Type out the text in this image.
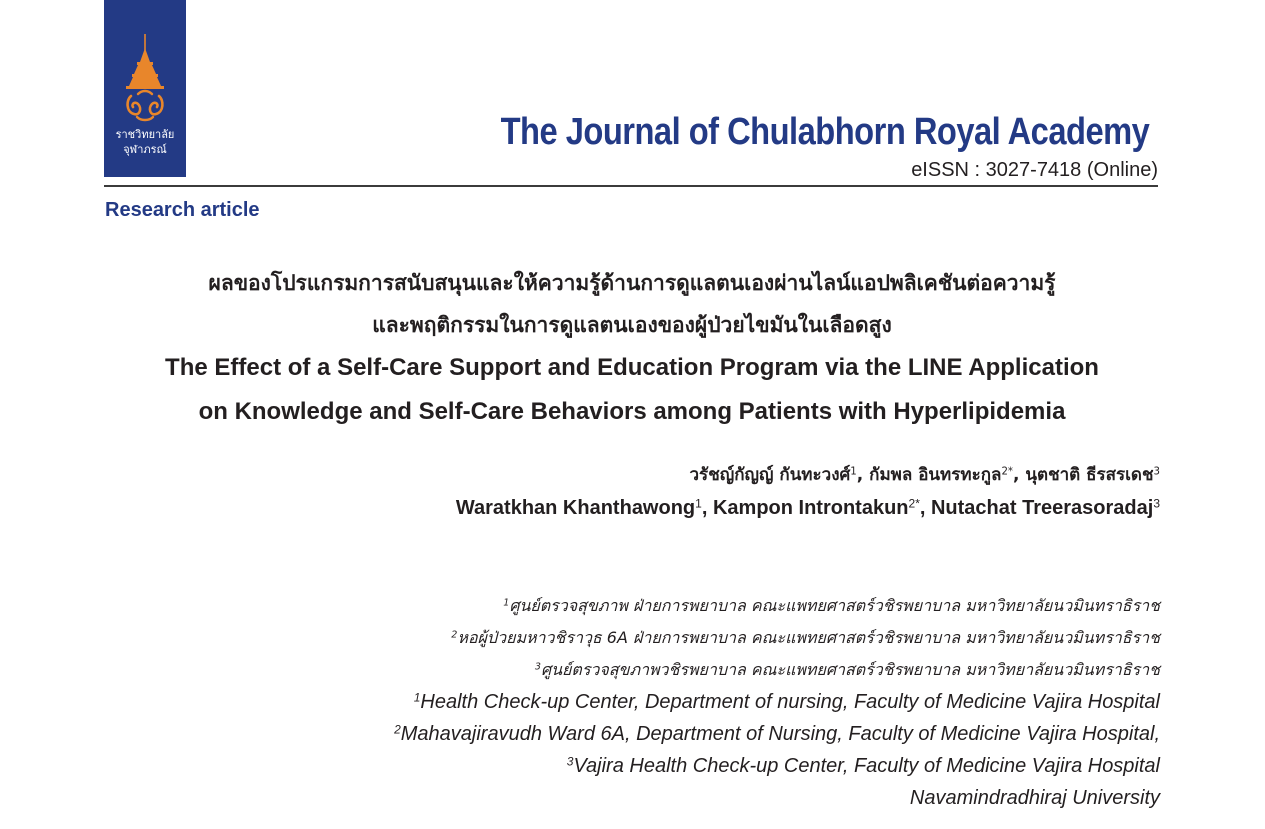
ราชวิทยาลัย
จุฬาภรณ์	The Journal of Chulabhorn Royal Academy
eISSN : 3027-7418 (Online)
Research article
ผลของโปรแกรมการสนับสนุนและให้ความรู้ด้านการดูแลตนเองผ่านไลน์แอปพลิเคชันต่อความรู้
และพฤติกรรมในการดูแลตนเองของผู้ป่วยไขมันในเลือดสูง
The Effect of a Self-Care Support and Education Program via the LINE Application
on Knowledge and Self-Care Behaviors among Patients with Hyperlipidemia
วรัชญ์กัญญ์ กันทะวงศ์$^1$, กัมพล อินทรทะกูล$^{2*}$, นุตชาติ ธีรสรเดช$^3$
Waratkhan Khanthawong$^1$, Kampon Introntakun$^{2*}$, Nutachat Treerasoradaj$^3$
$^1$ศูนย์ตรวจสุขภาพ ฝ่ายการพยาบาล คณะแพทยศาสตร์วชิรพยาบาล มหาวิทยาลัยนวมินทราธิราช
$^2$หอผู้ป่วยมหาวชิราวุธ 6A ฝ่ายการพยาบาล คณะแพทยศาสตร์วชิรพยาบาล มหาวิทยาลัยนวมินทราธิราช
$^3$ศูนย์ตรวจสุขภาพวชิรพยาบาล คณะแพทยศาสตร์วชิรพยาบาล มหาวิทยาลัยนวมินทราธิราช
$^1$Health Check-up Center, Department of nursing, Faculty of Medicine Vajira Hospital
$^2$Mahavajiravudh Ward 6A, Department of Nursing, Faculty of Medicine Vajira Hospital,
$^3$Vajira Health Check-up Center, Faculty of Medicine Vajira Hospital
Navamindradhiraj University
